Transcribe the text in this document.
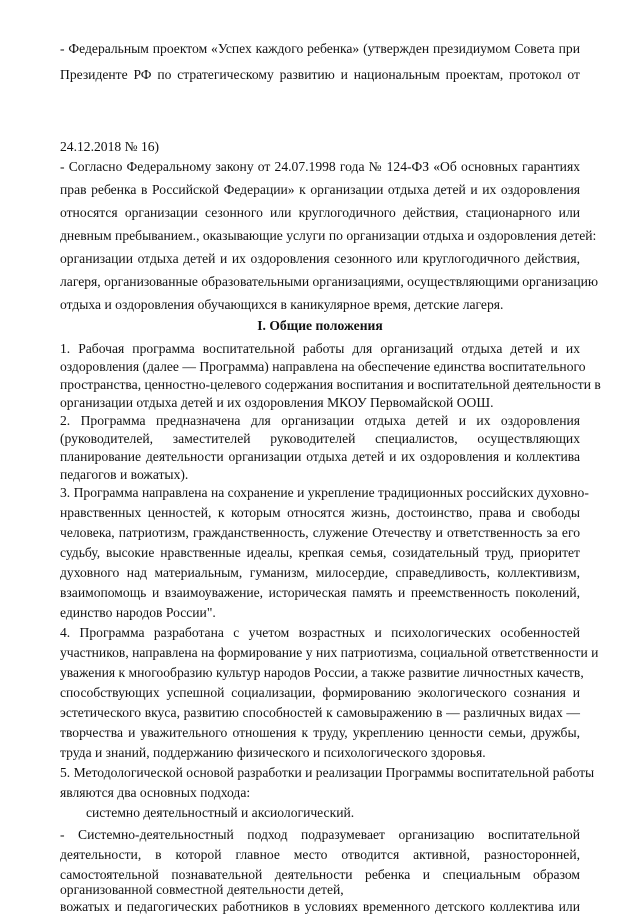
- Федеральным проектом «Успех каждого ребенка» (утвержден президиумом Совета при
Президенте РФ по стратегическому развитию и национальным проектам, протокол от
24.12.2018 № 16)
- Согласно Федеральному закону от 24.07.1998 года № 124-ФЗ «Об основных гарантиях
прав ребенка в Российской Федерации» к организации отдыха детей и их оздоровления
относятся организации сезонного или круглогодичного действия, стационарного или
дневным пребыванием., оказывающие услуги по организации отдыха и оздоровления детей:
организации отдыха детей и их оздоровления сезонного или круглогодичного действия,
лагеря, организованные образовательными организациями, осуществляющими организацию
отдыха и оздоровления обучающихся в каникулярное время, детские лагеря.
I. Общие положения
1. Рабочая программа воспитательной работы для организаций отдыха детей и их
оздоровления (далее — Программа) направлена на обеспечение единства воспитательного
пространства, ценностно-целевого содержания воспитания и воспитательной деятельности в
организации отдыха детей и их оздоровления МКОУ Первомайской ООШ.
2. Программа предназначена для организации отдыха детей и их оздоровления
(руководителей, заместителей руководителей специалистов, осуществляющих
планирование деятельности организации отдыха детей и их оздоровления и коллектива
педагогов и вожатых).
3. Программа направлена на сохранение и укрепление традиционных российских духовно-
нравственных ценностей, к которым относятся жизнь, достоинство, права и свободы
человека, патриотизм, гражданственность, служение Отечеству и ответственность за его
судьбу, высокие нравственные идеалы, крепкая семья, созидательный труд, приоритет
духовного над материальным, гуманизм, милосердие, справедливость, коллективизм,
взаимопомощь и взаимоуважение, историческая память и преемственность поколений,
единство народов России".
4. Программа разработана с учетом возрастных и психологических особенностей
участников, направлена на формирование у них патриотизма, социальной ответственности и
уважения к многообразию культур народов России, а также развитие личностных качеств,
способствующих успешной социализации, формированию экологического сознания и
эстетического вкуса, развитию способностей к самовыражению в — различных видах —
творчества и уважительного отношения к труду, укреплению ценности семьи, дружбы,
труда и знаний, поддержанию физического и психологического здоровья.
5. Методологической основой разработки и реализации Программы воспитательной работы
являются два основных подхода:
системно деятельностный и аксиологический.
- Системно-деятельностный подход подразумевает организацию воспитательной
деятельности, в которой главное место отводится активной, разносторонней,
самостоятельной познавательной деятельности ребенка и специальным образом
организованной совместной деятельности детей,
вожатых и педагогических работников в условиях временного детского коллектива или
